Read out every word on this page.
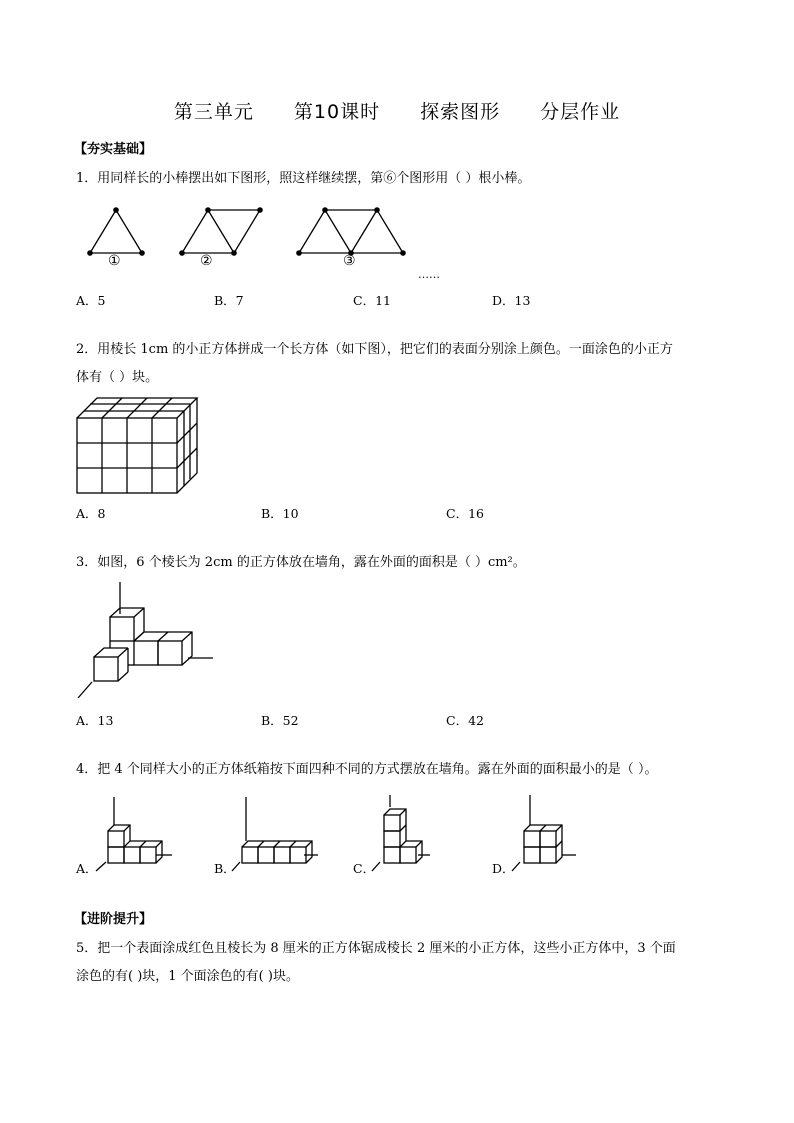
第三单元 第10课时 探索图形 分层作业
【夯实基础】
1．用同样长的小棒摆出如下图形，照这样继续摆，第⑥个图形用（ ）根小棒。
①	②	③
……
A．5	B．7	C．11	D．13
2．用棱长 1cm 的小正方体拼成一个长方体（如下图），把它们的表面分别涂上颜色。一面涂色的小正方
体有（ ）块。
A．8	B．10	C．16
3．如图，6 个棱长为 2cm 的正方体放在墙角，露在外面的面积是（ ）cm²。
A．13	B．52	C．42
4．把 4 个同样大小的正方体纸箱按下面四种不同的方式摆放在墙角。露在外面的面积最小的是（ ）。
A．	B．	C．	D．
【进阶提升】
5．把一个表面涂成红色且棱长为 8 厘米的正方体锯成棱长 2 厘米的小正方体，这些小正方体中，3 个面
涂色的有( )块，1 个面涂色的有( )块。
